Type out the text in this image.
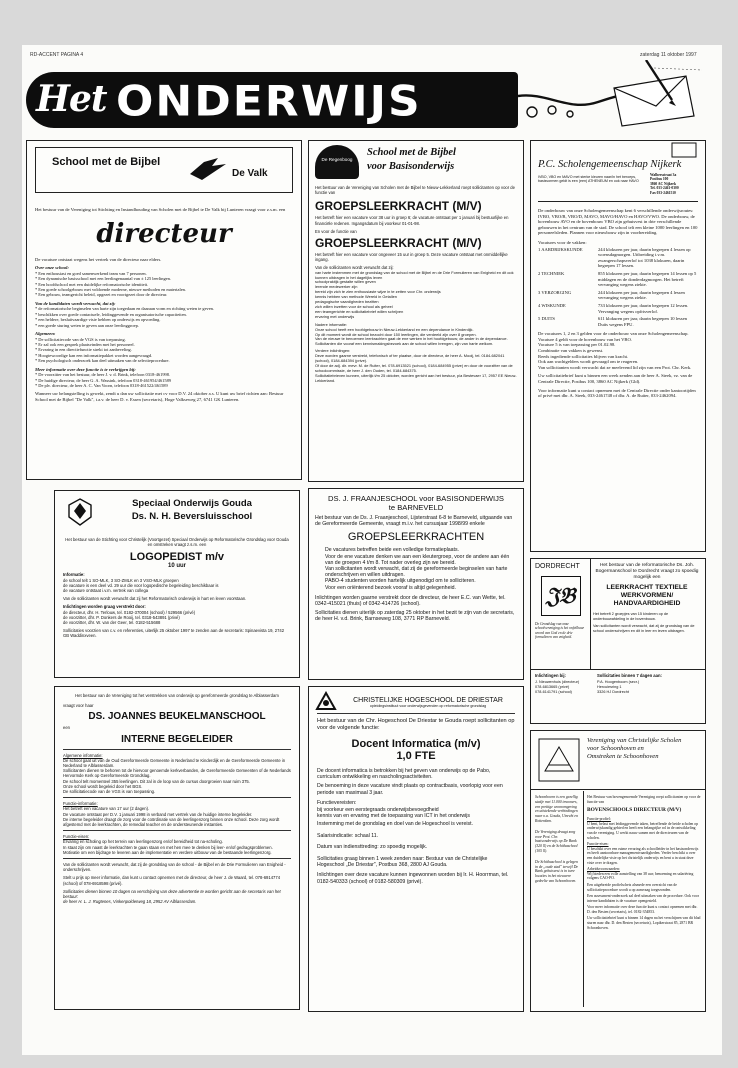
RD-ACCENT PAGINA 4	zaterdag 11 oktober 1997
Het ONDERWIJS
School met de Bijbel
De Valk
Het bestuur van de Vereniging tot Stichting en Instandhouding van Scholen met de Bijbel te De Valk bij Lunteren vraagt voor z.s.m. een
directeur
De vacature ontstaat wegens het vertrek van de directeur naar elders.
Over onze school:
* Een enthousiast en goed samenwerkend team van 7 personen.
* Een dynamische basisschool met een leerlingenaantal van ± 125 leerlingen.
* Een hoofdschool met een duidelijke reformatorische identiteit.
* Een goede schoolgebouw met voldoende moderne, nieuwe methoden en materialen.
* Een gebouw, teamgericht beleid, opgezet en voortgezet door de directeur.
Van de kandidaten wordt verwacht, dat zij:
* de reformatorische beginselen van harte zijn toegedaan en daaraan vorm en richting weten te geven.
* beschikken over goede contactuele, leidinggevende en organisatorische capaciteiten.
* een heldere, besluitvaardige visie hebben op onderwijs en opvoeding.
* een goede sturing weten te geven aan onze leerlinggroep.
Algemeen:
* De sollicitatiecode van de VGS is van toepassing.
* Er zal ook een gesprek plaatsvinden met het personeel.
* Ervaring in een directiefunctie strekt tot aanbeveling.
* Hoogtewoordige kan een informatiepakket worden aangevraagd.
* Een psychologisch onderzoek kan deel uitmaken van de selectieprocedure.
Meer informatie over deze functie is te verkrijgen bij:
* De voorzitter van het bestuur, de heer J. v. d. Brink, telefoon 0318-461998.
* De huidige directeur, de heer G. A. Wassink, telefoon 0318-461954/461589
* De plv. directeur, de heer A. C. Van Voorn, telefoon 0318-461522/461589
Wanneer uw belangstelling is gewekt, zendt u dan uw sollicitatie met cv voor D.V. 24 oktober a.s. U kunt uw brief richten aan: Bestuur School met de Bijbel "De Valk", t.a.v. de heer D. v. Essen (secretaris), Hoge Valkseweg 27, 6741 GK Lunteren.
De Regenboog
School met de Bijbel
voor Basisonderwijs
Het bestuur van de Vereniging van Scholen met de Bijbel te Nieuw-Lekkerland roept sollicitanten op voor de functie van
GROEPSLEERKRACHT (M/V)
Het betreft hier een vacature voor 38 uur in groep 6; de vacature ontstaat per 1 januari bij bestuurlijke en financiële redenen. Ingangsdatum bij voorkeur 01-01-98.
En voor de functie van
GROEPSLEERKRACHT (M/V)
Het betreft hier een vacature voor ongeveer 15 uur in groep 5. Deze vacature ontstaat met onmiddellijke ingang.
Van de sollicitanten wordt verwacht dat zij:
van harte instemmen met de grondslag van de school met de Bijbel en de Drie Formulieren van Enigheid en dit ook kunnen uitdragen in het dagelijks leven
schoolpraktijk gestalte willen geven
lerende medewerker zijn
bereid zijn zich te zien enthousiaste wijze in te zetten voor Chr. onderwijs
kennis hebben van methode Wereld in Getallen
pedagogische vaardigheden bezitten
zich willen inzetten voor de school als geheel
een teamgerichte en sollicitatiebrief willen schrijven
ervaring met onderwijs
Nadere informatie:
Onze school heeft een hoofdgebouw in Nieuw-Lekkerland en een dependance in Kinderdijk.
Op dit moment wordt de school bezocht door 150 leerlingen, die verdeeld zijn over 8 groepen.
Van de nieuwe te benoemen leerkrachten gaat de ene werken in het hoofdgebouw; de ander in de dependance.
Sollicitanten die vooraf een kennismakingsbezoek aan de school willen brengen, zijn van harte welkom.
Verdere inlichtingen:
Deze worden gaarne verstrekt, telefonisch of ter plaatse, door de directeur, de heer A. Mooij, tel. 0184-682041 (school), 0184-684394 (prive).
Of door de adj. dir. mevr. M. de Ruiter, tel. 078-6913521 (school), 0184-684955 (prive) en door de voorzitter van de schoolcommissie, de heer J. den Ouden, tel. 0184-684375.
Sollicitatiebrieven kunnen, uiterlijk t/m 25 oktober, worden gericht aan het bestuur, p/a Bestevaer 17, 2957 EE Nieuw-Lekkerland.
P.C. Scholengemeenschap Nijkerk
IVBO, VBO en MAVO met sterke kleuren naar/in het beroeps,
basisvormen geldt is een (een) ATHENEUM en ook naar HAVO
Walhersstraat 3a
Postbus 100
3860 AC Nijkerk
Tel. 033-2461-0300
Fax 033-2461510
De onderbouw van onze Scholengemeenschap kent 6 verschillende onderwijsroutes: IVBO, VBO/B, VBO/D, MAVO, MAVO/HAVO en HAVO/VWO. De onderbouw, de bovenbouw AVO en de bovenbouw VBO zijn gehuisvest in drie verschillende gebouwen in het centrum van de stad. De school telt een kleine 1000 leerlingen en 100 personeelsleden. Plannen voor nieuwbouw zijn in voorbereiding.
Vacatures voor de vakken:
1 AARDRIJKSKUNDE	244 klokuren per jaar, daarin begrepen 4 lessen op woensdagmorgen. Uitbreiding i.v.m. zwangerschapsverlof tot 1038 klokuren, daarin begrepen 17 lessen.
2 TECHNIEK	855 klokuren per jaar, daarin begrepen 14 lessen op 5 middagen en de donderdagmorgen. Het betreft vervanging wegens ziekte.
3 VERZORGING	244 klokuren per jaar, daarin begrepen 4 lessen vervanging wegens ziekte.
4 WISKUNDE	733 klokuren per jaar, daarin begrepen 12 lessen. Vervanging wegens opfrisverlof.
5 DUITS	611 klokuren per jaar, daarin begrepen 10 lessen Duits wegens FPU.
De vacatures 1, 2 en 3 gelden voor de onderbouw van onze Scholengemeenschap.
Vacature 4 geldt voor de bovenbouw van het VBO.
Vacature 5 is van toepassing per 01.02.98.
Combinatie van vakken is gewenst.
Reeds ingediende sollicitaties blijven van kracht.
Ook aan wachtgelders wordt gevraagd om te reageren.
Van sollicitanten wordt verwacht dat ze meelevend lid zijn van een Prot. Chr. Kerk.
Uw sollicitatiebrief kunt u binnen een week zenden aan de heer A. Steek, vz. van de Centrale Directie, Postbus 100, 3860 AC Nijkerk (Gld).
Voor informatie kunt u contact opnemen met de Centrale Directie onder kantoortijden of privé met dhr. A. Steek, 033-2461748 of dhr. A. de Ruiter, 033-2462094.
Speciaal Onderwijs Gouda
Ds. N. H. Beversluisschool
Het bestuur van de Stichting voor Christelijk (Voortgezet) Speciaal Onderwijs op Reformatorische Grondslag voor Gouda en omstreken vraagt z.s.m. een
LOGOPEDIST m/v
10 uur
Informatie:
de school telt 1 SO-MLK, 3 SO-ZMLK en 3 VSO-MLK groepen
de vacature is een deel vd. 29 uur die voor logopedische begeleiding beschikbaar is
de vacature ontstaat i.v.m. vertrek van collega
Van de sollicitanten wordt verwacht dat zij het Reformatorisch onderwijs in hart en leven voorstaan.
Inlichtingen worden graag verstrekt door:
de directeur, dhr. H. Terlouw, tel. 0182-370004 (school) / 529566 (privé)
de voorzitter, dhr. P. Donkers de Rooij, tel. 0318-543891 (privé)
de voorzitter, dhr. W. van der Geer, tel. 0182-515688
Sollicitaties voorzien van c.v. en referenties, uiterlijk 25 oktober 1997 te zenden aan de secretaris: Spinaevista 19, 2742 GB Waddinxveen.
DS. J. FRAANJESCHOOL voor BASISONDERWIJS
te BARNEVELD
Het bestuur van de Ds. J. Fraanjeschool, Lijsterstraat 6-8 te Barneveld, uitgaande van de Gereformeerde Gemeente, vraagt m.i.v. het cursusjaar 1998/99 enkele
GROEPSLEERKRACHTEN
De vacatures betreffen beide een volledige formatieplaats.
Voor de ene vacature denken we aan een kleutergroep, voor de andere aan één van de groepen 4 t/m 8. Tot nader overleg zijn we bereid.
Van sollicitanten wordt verwacht, dat zij de gereformeerde beginselen van harte onderschrijven en willen uitdragen.
PABO-4 studenten worden hartelijk uitgenodigd om te solliciteren.
Voor een oriënterend bezoek vooraf is altijd gelegenheid.
Inlichtingen worden gaarne verstrekt door de directeur, de heer E.C. van Wette, tel. 0342-415021 (thuis) of 0342-414726 (school).
Sollicitaties dienen uiterlijk op zaterdag 25 oktober in het bezit te zijn van de secretaris, de heer H. v.d. Brink, Barnseweg 108, 3771 RP Barneveld.
Het bestuur van de Vereniging tot het verstrekken van onderwijs op gereformeerde grondslag te Alblasserdam
vraagt voor haar
DS. JOANNES BEUKELMANSCHOOL
een
INTERNE BEGELEIDER
Algemene informatie:
De school gaat uit van de Oud Gereformeerde Gemeente in Nederland te Kinderdijk en de Gereformeerde Gemeente in Nederland te Alblasserdam.
Sollicitanten dienen te behoren tot de hiervoor genoemde kerkverbanden, de Gereformeerde Gemeenten of de Nederlands Hervormde Kerk op Gereformeerde Grondslag.
De school telt momenteel 355 leerlingen. Dit zal in de loop van de cursus doorgroeien naar ruim 375.
Onze school wordt begeleid door het BGS.
De sollicitatiecode van de VGS is van toepassing.
Functie-informatie:
Het betreft een vacature van 17 uur (2 dagen).
De vacature ontstaat per D.V. 1 januari 1998 in verband met vertrek van de huidige interne begeleider.
De interne begeleider draagt de zorg voor de coördinatie van de leerlingenzorg binnen onze school. Deze zorg wordt afgestemd met de leerkrachten, de remedial teacher en de ondersteunende instanties.
Functie-eisen:
Ervaring en scholing op het terrein van leerlingenzorg en/of bereidheid tot na-scholing.
In staat zijn om naast de leerkrachten te gaan staan en met hen mee te denken bij leer- en/of gedragsproblemen.
Motivatie om een bijdrage te leveren aan de implementatie en verdere uitbouw van de bestaande leerlingenzorg.
Van de sollicitanten wordt verwacht, dat zij de grondslag van de school - de Bijbel en de Drie Formulieren van Enigheid - onderschrijven.
Stelt u prijs op meer informatie, dan kunt u contact opnemen met de directeur, de heer J. de Waard, tel. 078-6914774 (school) of 078-6918598 (privé).
Sollicitaties dienen binnen 10 dagen na verschijning van deze advertentie te worden gericht aan de secretaris van het bestuur:
de heer H. L. J. Rugtenes, Vinkenpolderweg 18, 2952 AV Alblasserdam.
CHRISTELIJKE HOGESCHOOL DE DRIESTAR
opleidingsinstituut voor onderwijsgevenden op reformatorische grondslag
Het bestuur van de Chr. Hogeschool De Driestar te Gouda roept sollicitanten op voor de volgende functie:
Docent Informatica (m/v)
1,0 FTE
De docent informatica is betrokken bij het geven van onderwijs op de Pabo, curriculum ontwikkeling en nascholingsactiviteiten.
De benoeming in deze vacature vindt plaats op contractbasis, voorlopig voor een periode van maximaal 3 jaar.
Functievereisten:
bij voorkeur een eerstegraads onderwijsbevoegdheid
kennis van en ervaring met de toepassing van ICT in het onderwijs
Instemming met de grondslag en doel van de Hogeschool is vereist.
Salarisindicatie: schaal 11.
Datum van indiensttreding: zo spoedig mogelijk.
Sollicitaties graag binnen 1 week zenden naar: Bestuur van de Christelijke Hogeschool „De Driestar", Postbus 368, 2800 AJ Gouda.
Inlichtingen over deze vacature kunnen ingewonnen worden bij Ir. H. Hoorrman, tel. 0182-540333 (school) of 0182-580309 (privé).
DORDRECHT
𝔍𝔅
De Grondslag van onze schoolvereniging is het onfeilbaar woord van God en de drie formulieren van enigheid.
Het bestuur van de reformatorische Ds. Joh. Bogermanschool te Dordrecht vraagt zo spoedig mogelijk een
LEERKRACHT TEXTIELE
WERKVORMEN/
HANDVAARDIGHEID
Het betreft 2 groepjes van 15 kinderen op de onderbouwafdeling in de bovenbouw.
Van sollicitanten wordt verwacht, dat zij de grondslag van de school onderschrijven en dit in leer en leven uitdragen.
Inlichtingen bij:
J. Nieuwenhuis (directeur)
078-6813665 (privé)
078-6141791 (school)
Sollicitaties binnen 7 dagen aan:
P.A. Hoogenboom (secr.)
Hercuiesring 1
3326 HJ Dordrecht
Vereniging van Christelijke Scholen
voor Schoonhoven en
Omstreken te Schoonhoven
Schoonhoven is een gezellig stadje met 11.000 inwoners, een prettige woonomgeving en uitstekende verbindingen naar o.a. Gouda, Utrecht en Rotterdam.
De Vereniging draagt zorg voor Prot. Chr. basisonderwijs op De Bank (320 ll) en de Schithaschool (105 ll).
De Schithaschool is gelegen in de „oude stad" terwijl De Bank gehuisvest is in twee locaties in het nieuwere gedeelte van Schoonhoven.
Het Bestuur van bovengenoemde Vereniging roept sollicitanten op voor de functie van
BOVENSCHOOLS DIRECTEUR (M/V)
Functie-profiel:
U bent, belast met leidinggevende taken, betreffende de beide scholen op onderwijskundig gebied en heeft een belangrijke rol in de ontwikkeling van de vereniging. U werkt nauw samen met de directeuren van de scholen.
Functie-eisen:
U beschikt over een ruime ervaring als schoolleider in het basisonderwijs en heeft aantoonbare managementvaardigheden. Verder beschikt u over een duidelijke visie op het christelijk onderwijs en bent u in staat deze visie over te dragen.
Arbeidsvoorwaarden:
Wij bieden een volle aanstelling van 38 uur; benoeming en salariëring volgens CAO-PO.
Een uitgebreide profielschets alsmede een overzicht van de sollicitatieprocedure wordt u op aanvraag toegezonden.
Een assessment-onderzoek zal deel uitmaken van de procedure. Ook voor interne kandidaten is de vacature opengesteld.
Voor meer informatie over deze functie kunt u contact opnemen met dhr. D. den Besten (secretaris), tel. 0182-354853.
Uw sollicitatiebrief kunt u binnen 14 dagen na het verschijnen van dit blad sturen naar dhr. D. den Besten (secretaris), Lopikerstraat 85, 2871 BR Schoonhoven.
